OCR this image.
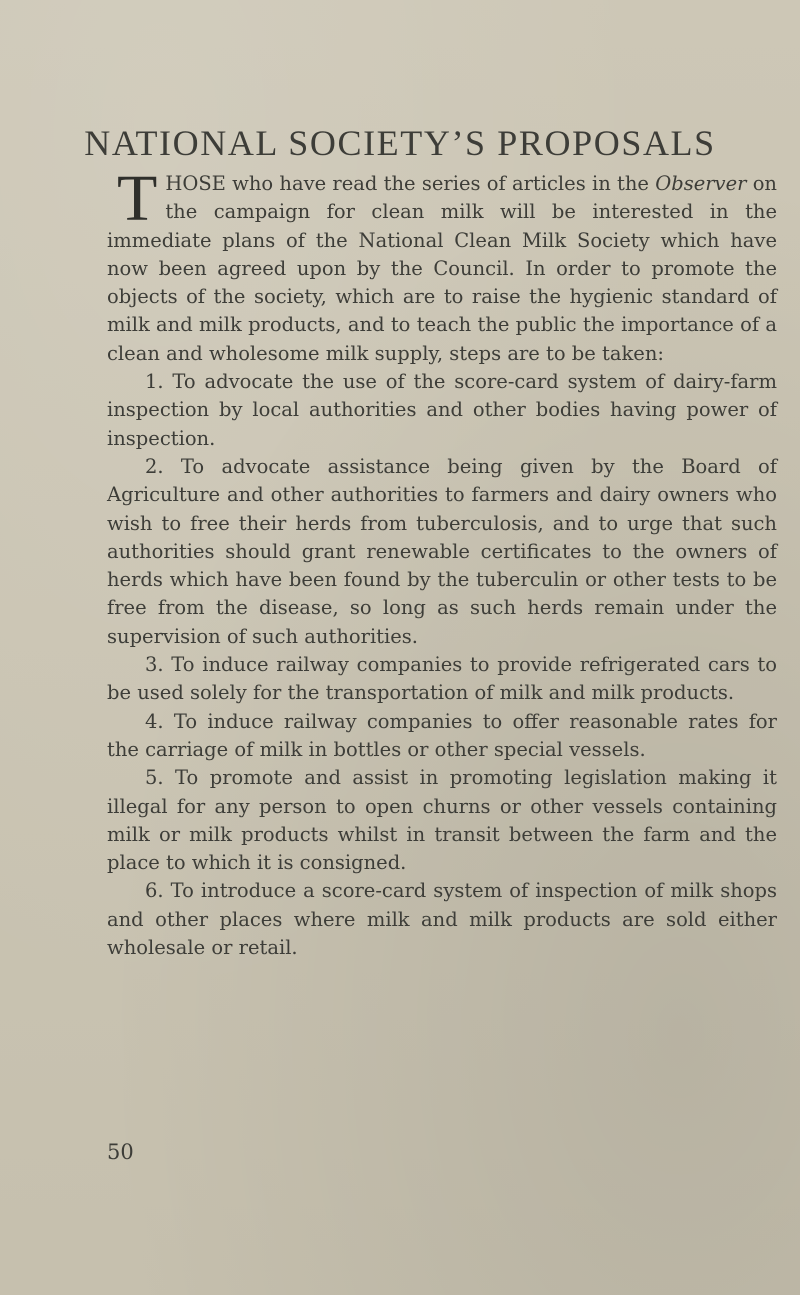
NATIONAL SOCIETY’S PROPOSALS

THOSE who have read the series of articles in the Observer on the campaign for clean milk will be interested in the immediate plans of the National Clean Milk Society which have now been agreed upon by the Council. In order to promote the objects of the society, which are to raise the hygienic standard of milk and milk products, and to teach the public the importance of a clean and wholesome milk supply, steps are to be taken:

1. To advocate the use of the score-card system of dairy-farm inspection by local authorities and other bodies having power of inspection.

2. To advocate assistance being given by the Board of Agriculture and other authorities to farmers and dairy owners who wish to free their herds from tuberculosis, and to urge that such authorities should grant renewable certificates to the owners of herds which have been found by the tuberculin or other tests to be free from the disease, so long as such herds remain under the supervision of such authorities.

3. To induce railway companies to provide refrigerated cars to be used solely for the transportation of milk and milk products.

4. To induce railway companies to offer reasonable rates for the carriage of milk in bottles or other special vessels.

5. To promote and assist in promoting legislation making it illegal for any person to open churns or other vessels containing milk or milk products whilst in transit between the farm and the place to which it is consigned.

6. To introduce a score-card system of inspection of milk shops and other places where milk and milk products are sold either wholesale or retail.

50
